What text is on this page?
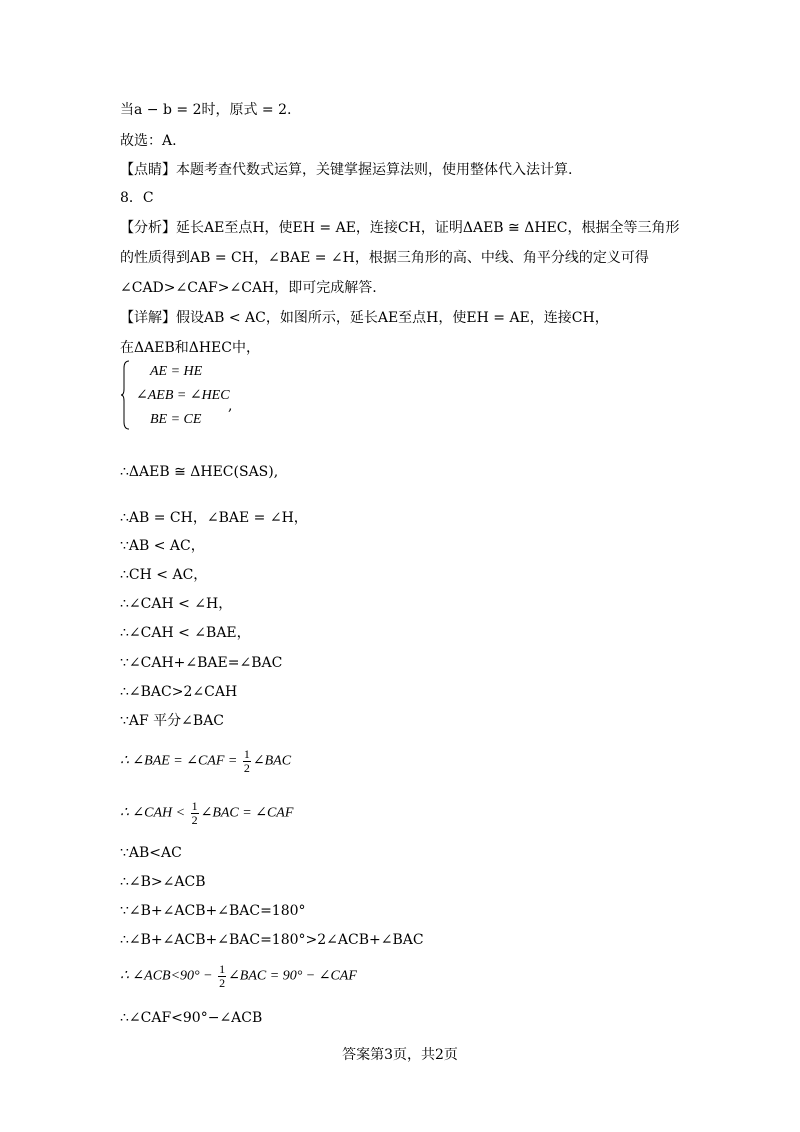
当a − b = 2时，原式 = 2.
故选：A.
【点睛】本题考查代数式运算，关键掌握运算法则，使用整体代入法计算.
8．C
【分析】延长AE至点H，使EH = AE，连接CH，证明ΔAEB ≅ ΔHEC，根据全等三角形
的性质得到AB = CH，∠BAE = ∠H，根据三角形的高、中线、角平分线的定义可得
∠CAD>∠CAF>∠CAH，即可完成解答.
【详解】假设AB < AC，如图所示，延长AE至点H，使EH = AE，连接CH，
在ΔAEB和ΔHEC中，
∴ΔAEB ≅ ΔHEC(SAS),
∴AB = CH，∠BAE = ∠H，
∵AB < AC，
∴CH < AC，
∴∠CAH < ∠H，
∴∠CAH < ∠BAE，
∵∠CAH+∠BAE=∠BAC
∴∠BAC>2∠CAH
∵AF 平分∠BAC
∵AB<AC
∴∠B>∠ACB
∵∠B+∠ACB+∠BAC=180°
∴∠B+∠ACB+∠BAC=180°>2∠ACB+∠BAC
∴∠CAF<90°−∠ACB
∴ ∠BAE = ∠CAF = $\frac{1}{2}$ ∠BAC
∴ ∠CAH < $\frac{1}{2}$ ∠BAC = ∠CAF
∴ ∠ACB<90° − $\frac{1}{2}$ ∠BAC = 90° − ∠CAF
AE = HE
∠AEB = ∠HEC
BE = CE
,
答案第3页，共2页
